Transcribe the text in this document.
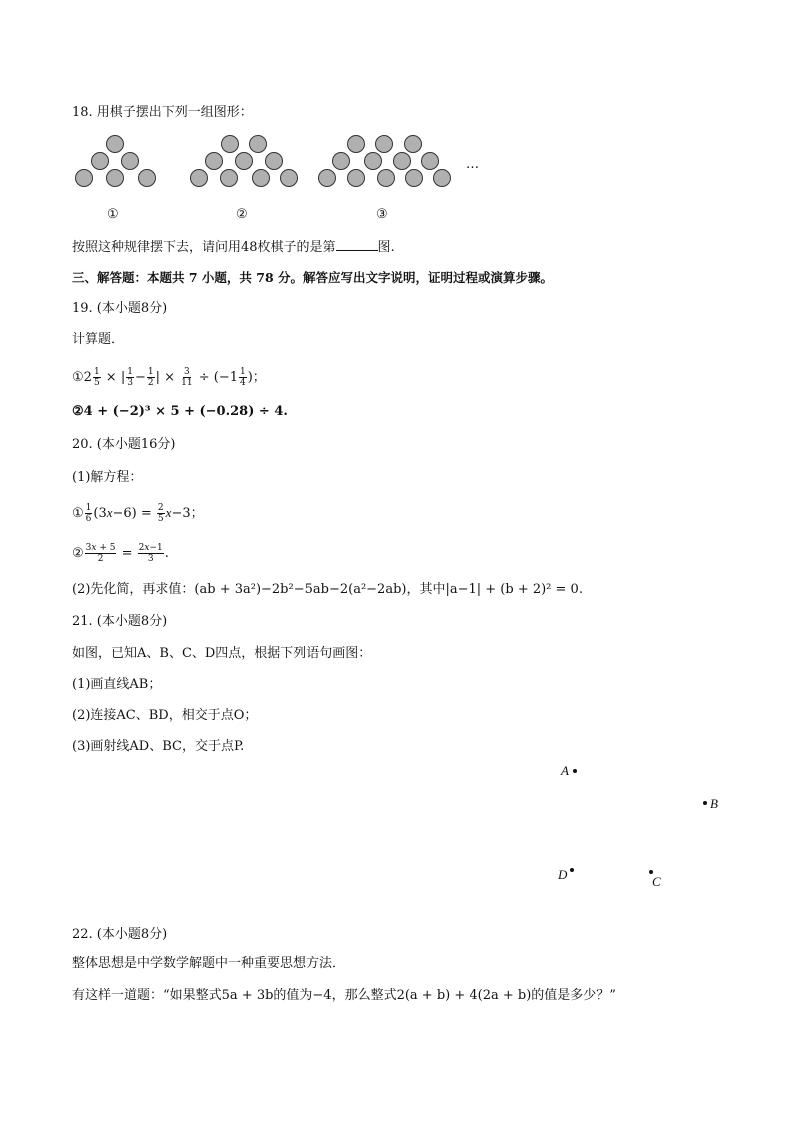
18. 用棋子摆出下列一组图形：
…
①	②	③
按照这种规律摆下去，请问用48枚棋子的是第	图.
三、解答题：本题共 7 小题，共 78 分。解答应写出文字说明，证明过程或演算步骤。
19. (本小题8分)
计算题．
①2 $\frac{1}{5}$ × | $\frac{1}{3} - \frac{1}{2}$ | × $\frac{3}{11} \div (-1 \frac{1}{4}$ )；
②4 + (−2)³ × 5 + (−0.28) ÷ 4.
20. (本小题16分)
(1)解方程：
① $\frac{1}{6} (3x-6) = \frac{2}{5} x-3$；
② $\frac{3x + 5}{2} = \frac{2x-1}{3}$ .
(2)先化简，再求值：(ab + 3a²)−2b²−5ab−2(a²−2ab)，其中|a−1| + (b + 2)² = 0.
21. (本小题8分)
如图，已知A、B、C、D四点，根据下列语句画图：
(1)画直线AB；
(2)连接AC、BD，相交于点O；
(3)画射线AD、BC，交于点P.
A
B
D	C
22. (本小题8分)
整体思想是中学数学解题中一种重要思想方法．
有这样一道题：“如果整式5a + 3b的值为−4，那么整式2(a + b) + 4(2a + b)的值是多少？”
